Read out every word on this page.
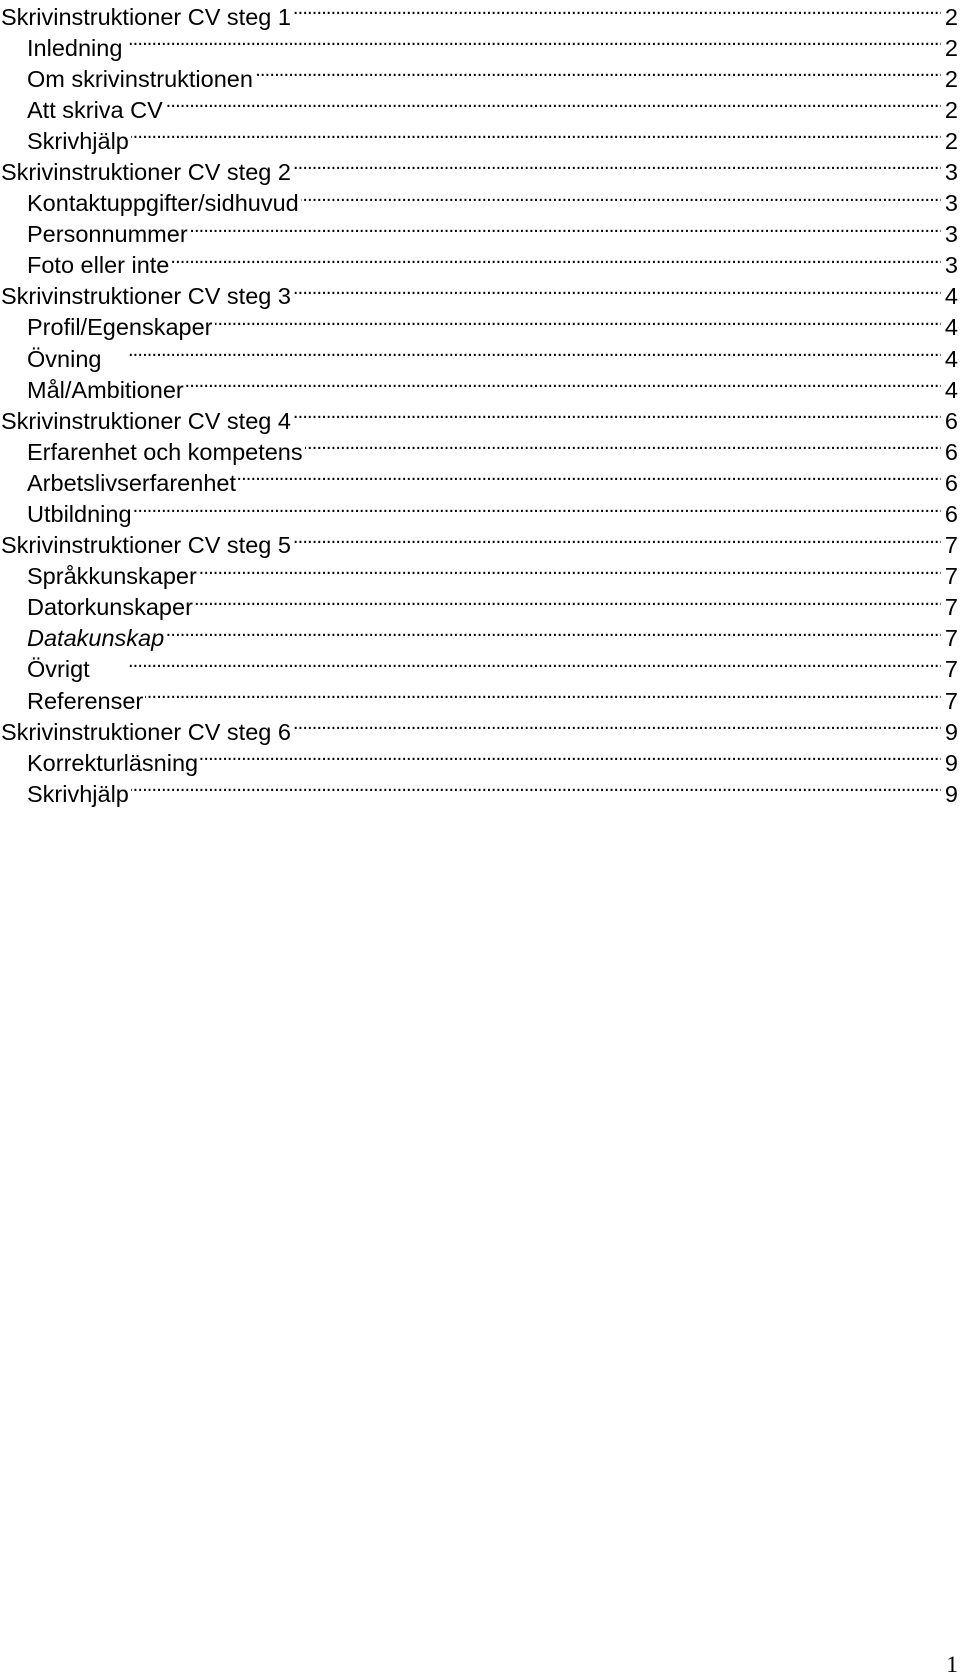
Skrivinstruktioner CV steg 1 . . .	2
Inledning . . .	2
Om skrivinstruktionen . . .	2
Att skriva CV . . .	2
Skrivhjälp . . .	2
Skrivinstruktioner CV steg 2 . . .	3
Kontaktuppgifter/sidhuvud . . .	3
Personnummer . . .	3
Foto eller inte . . .	3
Skrivinstruktioner CV steg 3 . . .	4
Profil/Egenskaper . . .	4
Övning . . .	4
Mål/Ambitioner . . .	4
Skrivinstruktioner CV steg 4 . . .	6
Erfarenhet och kompetens . . .	6
Arbetslivserfarenhet . . .	6
Utbildning . . .	6
Skrivinstruktioner CV steg 5 . . .	7
Språkkunskaper . . .	7
Datorkunskaper . . .	7
Datakunskap . . .	7
Övrigt . . .	7
Referenser . . .	7
Skrivinstruktioner CV steg 6 . . .	9
Korrekturläsning . . .	9
Skrivhjälp . . .	9
1
